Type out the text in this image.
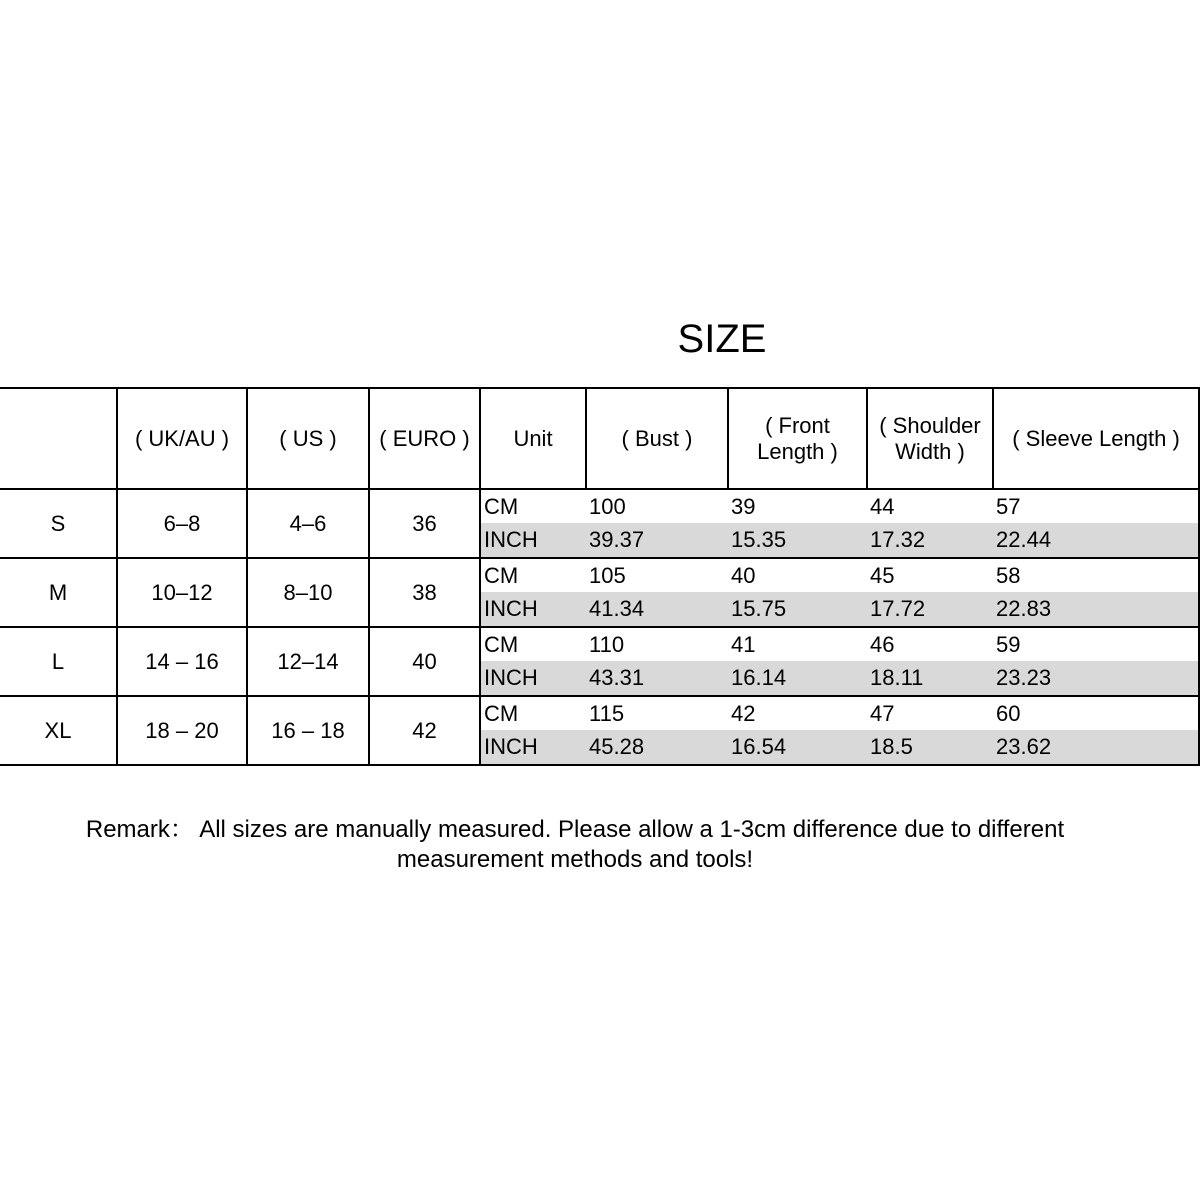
SIZE
	( UK/AU )	( US )	( EURO )	Unit	( Bust )	( Front Length )	( Shoulder Width )	( Sleeve Length )
S	6–8	4–6	36	CM	100	39	44	57
				INCH	39.37	15.35	17.32	22.44
M	10–12	8–10	38	CM	105	40	45	58
				INCH	41.34	15.75	17.72	22.83
L	14 – 16	12–14	40	CM	110	41	46	59
				INCH	43.31	16.14	18.11	23.23
XL	18 – 20	16 – 18	42	CM	115	42	47	60
				INCH	45.28	16.54	18.5	23.62
Remark： All sizes are manually measured. Please allow a 1-3cm difference due to different measurement methods and tools!
